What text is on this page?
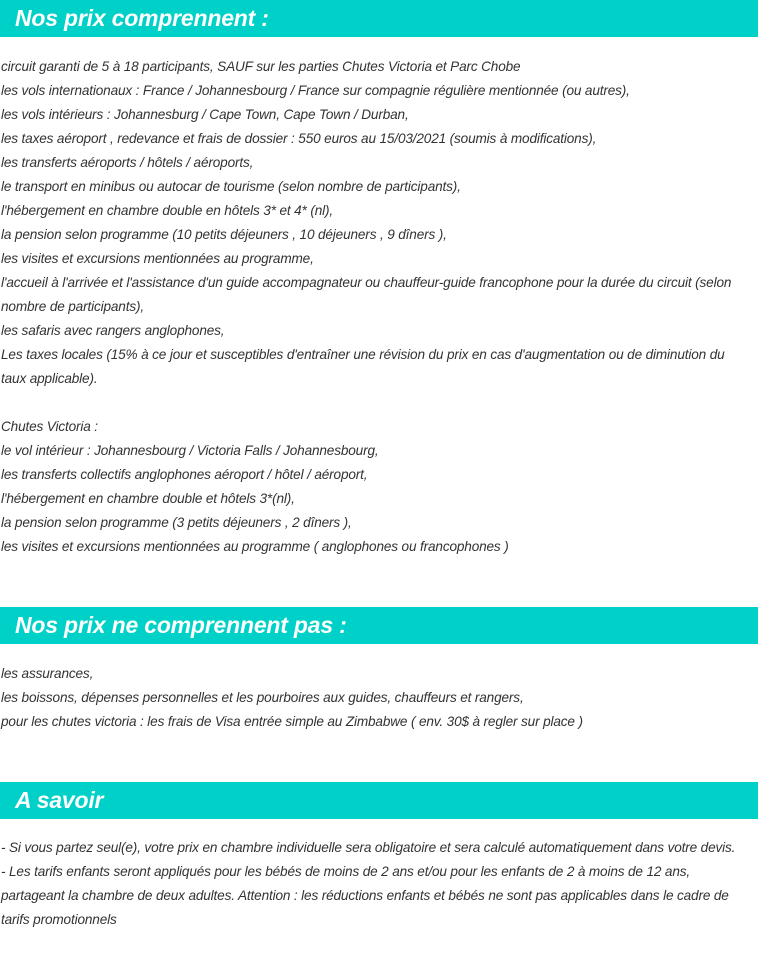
Nos prix comprennent :
circuit garanti de 5 à 18 participants, SAUF sur les parties Chutes Victoria et Parc Chobe
les vols internationaux : France / Johannesbourg / France sur compagnie régulière mentionnée (ou autres),
les vols intérieurs : Johannesburg / Cape Town, Cape Town / Durban,
les taxes aéroport , redevance et frais de dossier : 550 euros au 15/03/2021 (soumis à modifications),
les transferts aéroports / hôtels / aéroports,
le transport en minibus ou autocar de tourisme (selon nombre de participants),
l'hébergement en chambre double en hôtels 3* et 4* (nl),
la pension selon programme (10 petits déjeuners , 10 déjeuners , 9 dîners ),
les visites et excursions mentionnées au programme,
l'accueil à l'arrivée et l'assistance d'un guide accompagnateur ou chauffeur-guide francophone pour la durée du circuit (selon nombre de participants),
les safaris avec rangers anglophones,
Les taxes locales (15% à ce jour et susceptibles d'entraîner une révision du prix en cas d'augmentation ou de diminution du taux applicable).
Chutes Victoria :
le vol intérieur : Johannesbourg / Victoria Falls / Johannesbourg,
les transferts collectifs anglophones aéroport / hôtel / aéroport,
l'hébergement en chambre double et hôtels 3*(nl),
la pension selon programme (3 petits déjeuners , 2 dîners ),
les visites et excursions mentionnées au programme ( anglophones ou francophones )
Nos prix ne comprennent pas :
les assurances,
les boissons, dépenses personnelles et les pourboires aux guides, chauffeurs et rangers,
pour les chutes victoria : les frais de Visa entrée simple au Zimbabwe ( env. 30$ à regler sur place )
A savoir
- Si vous partez seul(e), votre prix en chambre individuelle sera obligatoire et sera calculé automatiquement dans votre devis.
- Les tarifs enfants seront appliqués pour les bébés de moins de 2 ans et/ou pour les enfants de 2 à moins de 12 ans, partageant la chambre de deux adultes. Attention : les réductions enfants et bébés ne sont pas applicables dans le cadre de tarifs promotionnels
